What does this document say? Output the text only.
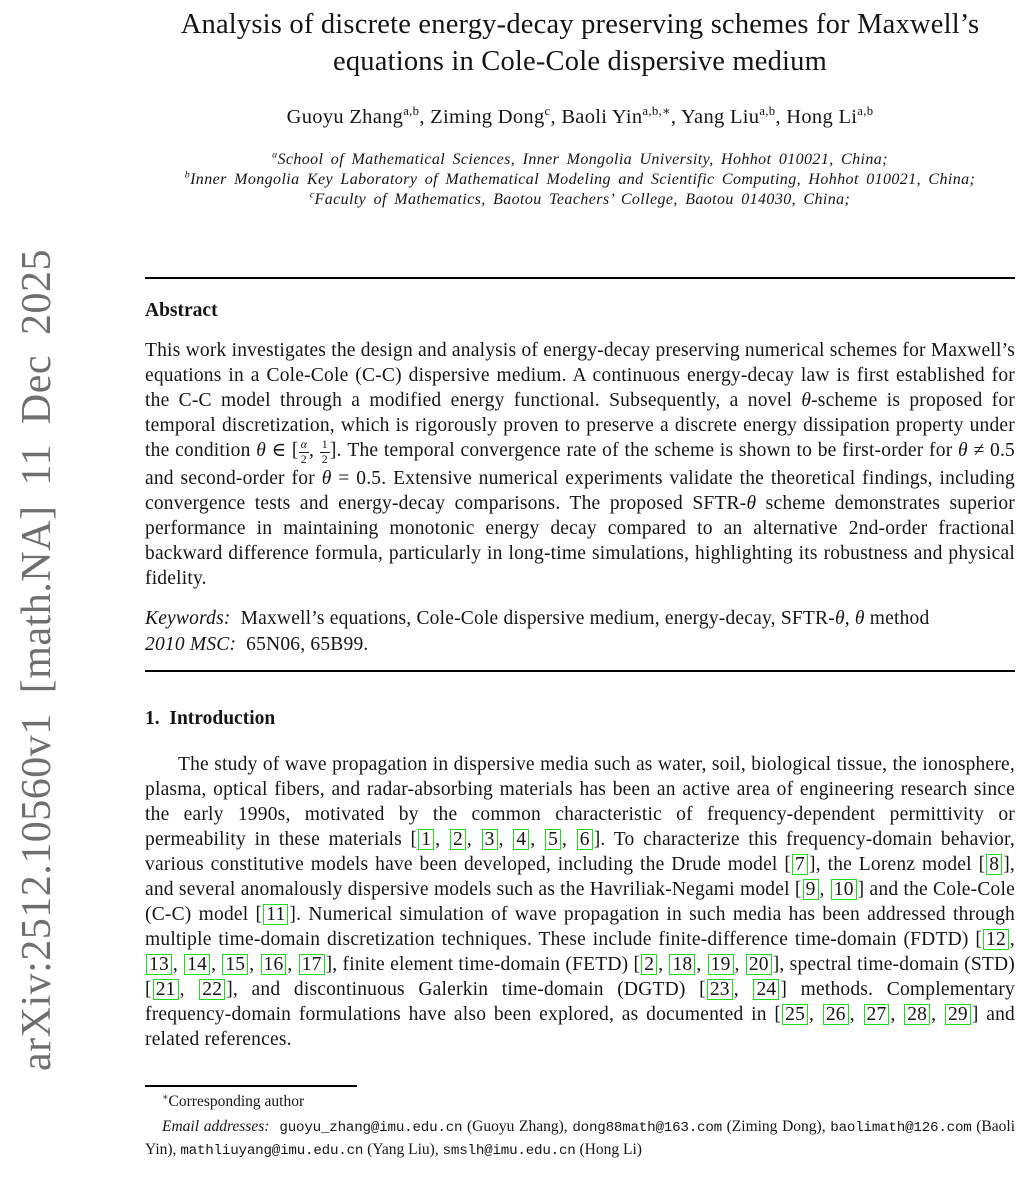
arXiv:2512.10560v1 [math.NA] 11 Dec 2025
Analysis of discrete energy-decay preserving schemes for Maxwell’s
equations in Cole-Cole dispersive medium
Guoyu Zhang$^{a,b}$, Ziming Dong$^c$, Baoli Yin$^{a,b,∗}$, Yang Liu$^{a,b}$, Hong Li$^{a,b}$
$^a$School of Mathematical Sciences, Inner Mongolia University, Hohhot 010021, China;
$^b$Inner Mongolia Key Laboratory of Mathematical Modeling and Scientific Computing, Hohhot 010021, China;
$^c$Faculty of Mathematics, Baotou Teachers’ College, Baotou 014030, China;
Abstract

This work investigates the design and analysis of energy-decay preserving numerical schemes for Maxwell’s equations in a Cole-Cole (C-C) dispersive medium. A continuous energy-decay law is first established for the C-C model through a modified energy functional. Subsequently, a novel θ-scheme is proposed for temporal discretization, which is rigorously proven to preserve a discrete energy dissipation property under the condition θ ∈ [ $\frac{\alpha}{2}$ , $\frac{1}{2}$ ]. The temporal convergence rate of the scheme is shown to be first-order for θ ≠ 0.5 and second-order for θ = 0.5. Extensive numerical experiments validate the theoretical findings, including convergence tests and energy-decay comparisons. The proposed SFTR-θ scheme demonstrates superior performance in maintaining monotonic energy decay compared to an alternative 2nd-order fractional backward difference formula, particularly in long-time simulations, highlighting its robustness and physical fidelity.

Keywords: Maxwell’s equations, Cole-Cole dispersive medium, energy-decay, SFTR-θ, θ method

2010 MSC: 65N06, 65B99.

1.  Introduction

The study of wave propagation in dispersive media such as water, soil, biological tissue, the ionosphere, plasma, optical fibers, and radar-absorbing materials has been an active area of engineering research since the early 1990s, motivated by the common characteristic of frequency-dependent permittivity or permeability in these materials [ 1 , 2 , 3 , 4 , 5 , 6 ]. To characterize this frequency-domain behavior, various constitutive models have been developed, including the Drude model [ 7 ], the Lorenz model [ 8 ], and several anomalously dispersive models such as the Havriliak-Negami model [ 9 , 10 ] and the Cole-Cole (C-C) model [ 11 ]. Numerical simulation of wave propagation in such media has been addressed through multiple time-domain discretization techniques. These include finite-difference time-domain (FDTD) [ 12 , 13 , 14 , 15 , 16 , 17 ], finite element time-domain (FETD) [ 2 , 18 , 19 , 20 ], spectral time-domain (STD) [ 21 , 22 ], and discontinuous Galerkin time-domain (DGTD) [ 23 , 24 ] methods. Complementary frequency-domain formulations have also been explored, as documented in [ 25 , 26 , 27 , 28 , 29 ] and related references.

∗Corresponding author

Email addresses: guoyu_zhang@imu.edu.cn (Guoyu Zhang), dong88math@163.com (Ziming Dong), baolimath@126.com (Baoli Yin), mathliuyang@imu.edu.cn (Yang Liu), smslh@imu.edu.cn (Hong Li)
